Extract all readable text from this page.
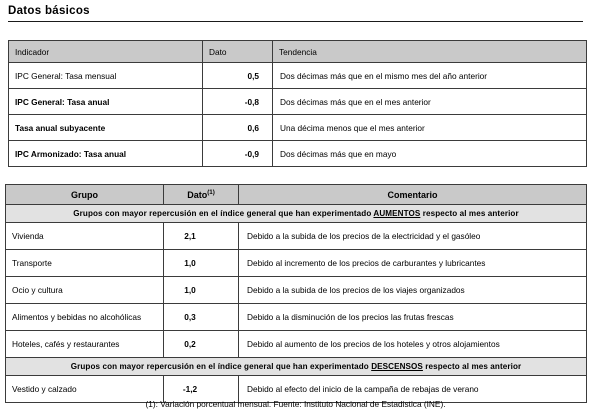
Datos básicos
Indicador	Dato	Tendencia
IPC General: Tasa mensual	0,5	Dos décimas más que en el mismo mes del año anterior
IPC General: Tasa anual	-0,8	Dos décimas más que en el mes anterior
Tasa anual subyacente	0,6	Una décima menos que el mes anterior
IPC Armonizado: Tasa anual	-0,9	Dos décimas más que en mayo
Grupo	Dato$^{(1)}$	Comentario
Grupos con mayor repercusión en el índice general que han experimentado AUMENTOS respecto al mes anterior		
Vivienda	2,1	Debido a la subida de los precios de la electricidad y el gasóleo
Transporte	1,0	Debido al incremento de los precios de carburantes y lubricantes
Ocio y cultura	1,0	Debido a la subida de los precios de los viajes organizados
Alimentos y bebidas no alcohólicas	0,3	Debido a la disminución de los precios las frutas frescas
Hoteles, cafés y restaurantes	0,2	Debido al aumento de los precios de los hoteles y otros alojamientos
Grupos con mayor repercusión en el índice general que han experimentado DESCENSOS respecto al mes anterior		
Vestido y calzado	-1,2	Debido al efecto del inicio de la campaña de rebajas de verano
(1): Variación porcentual mensual. Fuente: Instituto Nacional de Estadistica (INE).
